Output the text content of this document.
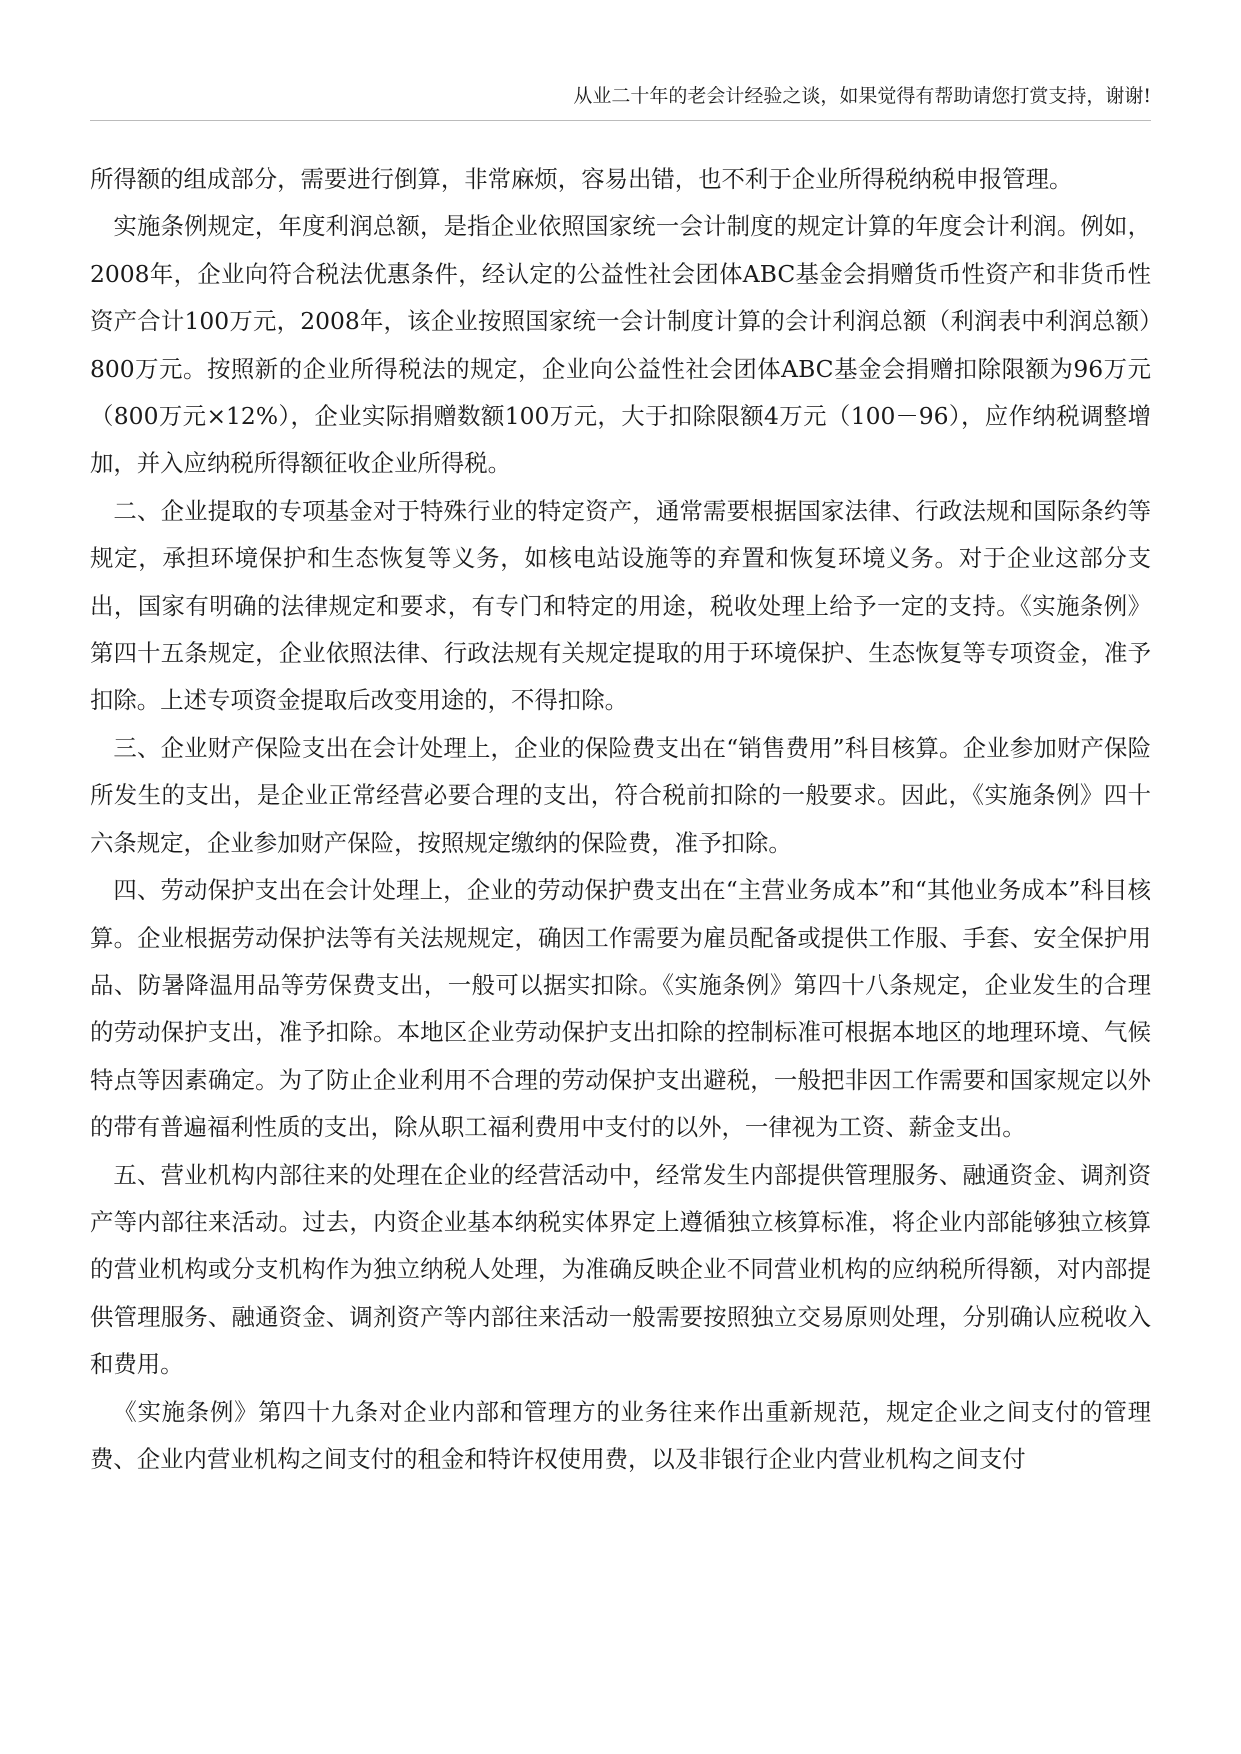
从业二十年的老会计经验之谈，如果觉得有帮助请您打赏支持，谢谢!

所得额的组成部分，需要进行倒算，非常麻烦，容易出错，也不利于企业所得税纳税申报管理。

实施条例规定，年度利润总额，是指企业依照国家统一会计制度的规定计算的年度会计利润。例如，2008年，企业向符合税法优惠条件，经认定的公益性社会团体ABC基金会捐赠货币性资产和非货币性资产合计100万元，2008年，该企业按照国家统一会计制度计算的会计利润总额（利润表中利润总额）800万元。按照新的企业所得税法的规定，企业向公益性社会团体ABC基金会捐赠扣除限额为96万元（800万元×12%），企业实际捐赠数额100万元，大于扣除限额4万元（100－96），应作纳税调整增加，并入应纳税所得额征收企业所得税。

二、企业提取的专项基金对于特殊行业的特定资产，通常需要根据国家法律、行政法规和国际条约等规定，承担环境保护和生态恢复等义务，如核电站设施等的弃置和恢复环境义务。对于企业这部分支出，国家有明确的法律规定和要求，有专门和特定的用途，税收处理上给予一定的支持。《实施条例》第四十五条规定，企业依照法律、行政法规有关规定提取的用于环境保护、生态恢复等专项资金，准予扣除。上述专项资金提取后改变用途的，不得扣除。

三、企业财产保险支出在会计处理上，企业的保险费支出在“销售费用”科目核算。企业参加财产保险所发生的支出，是企业正常经营必要合理的支出，符合税前扣除的一般要求。因此，《实施条例》四十六条规定，企业参加财产保险，按照规定缴纳的保险费，准予扣除。

四、劳动保护支出在会计处理上，企业的劳动保护费支出在“主营业务成本”和“其他业务成本”科目核算。企业根据劳动保护法等有关法规规定，确因工作需要为雇员配备或提供工作服、手套、安全保护用品、防暑降温用品等劳保费支出，一般可以据实扣除。《实施条例》第四十八条规定，企业发生的合理的劳动保护支出，准予扣除。本地区企业劳动保护支出扣除的控制标准可根据本地区的地理环境、气候特点等因素确定。为了防止企业利用不合理的劳动保护支出避税，一般把非因工作需要和国家规定以外的带有普遍福利性质的支出，除从职工福利费用中支付的以外，一律视为工资、薪金支出。

五、营业机构内部往来的处理在企业的经营活动中，经常发生内部提供管理服务、融通资金、调剂资产等内部往来活动。过去，内资企业基本纳税实体界定上遵循独立核算标准，将企业内部能够独立核算的营业机构或分支机构作为独立纳税人处理，为准确反映企业不同营业机构的应纳税所得额，对内部提供管理服务、融通资金、调剂资产等内部往来活动一般需要按照独立交易原则处理，分别确认应税收入和费用。

《实施条例》第四十九条对企业内部和管理方的业务往来作出重新规范，规定企业之间支付的管理费、企业内营业机构之间支付的租金和特许权使用费，以及非银行企业内营业机构之间支付
